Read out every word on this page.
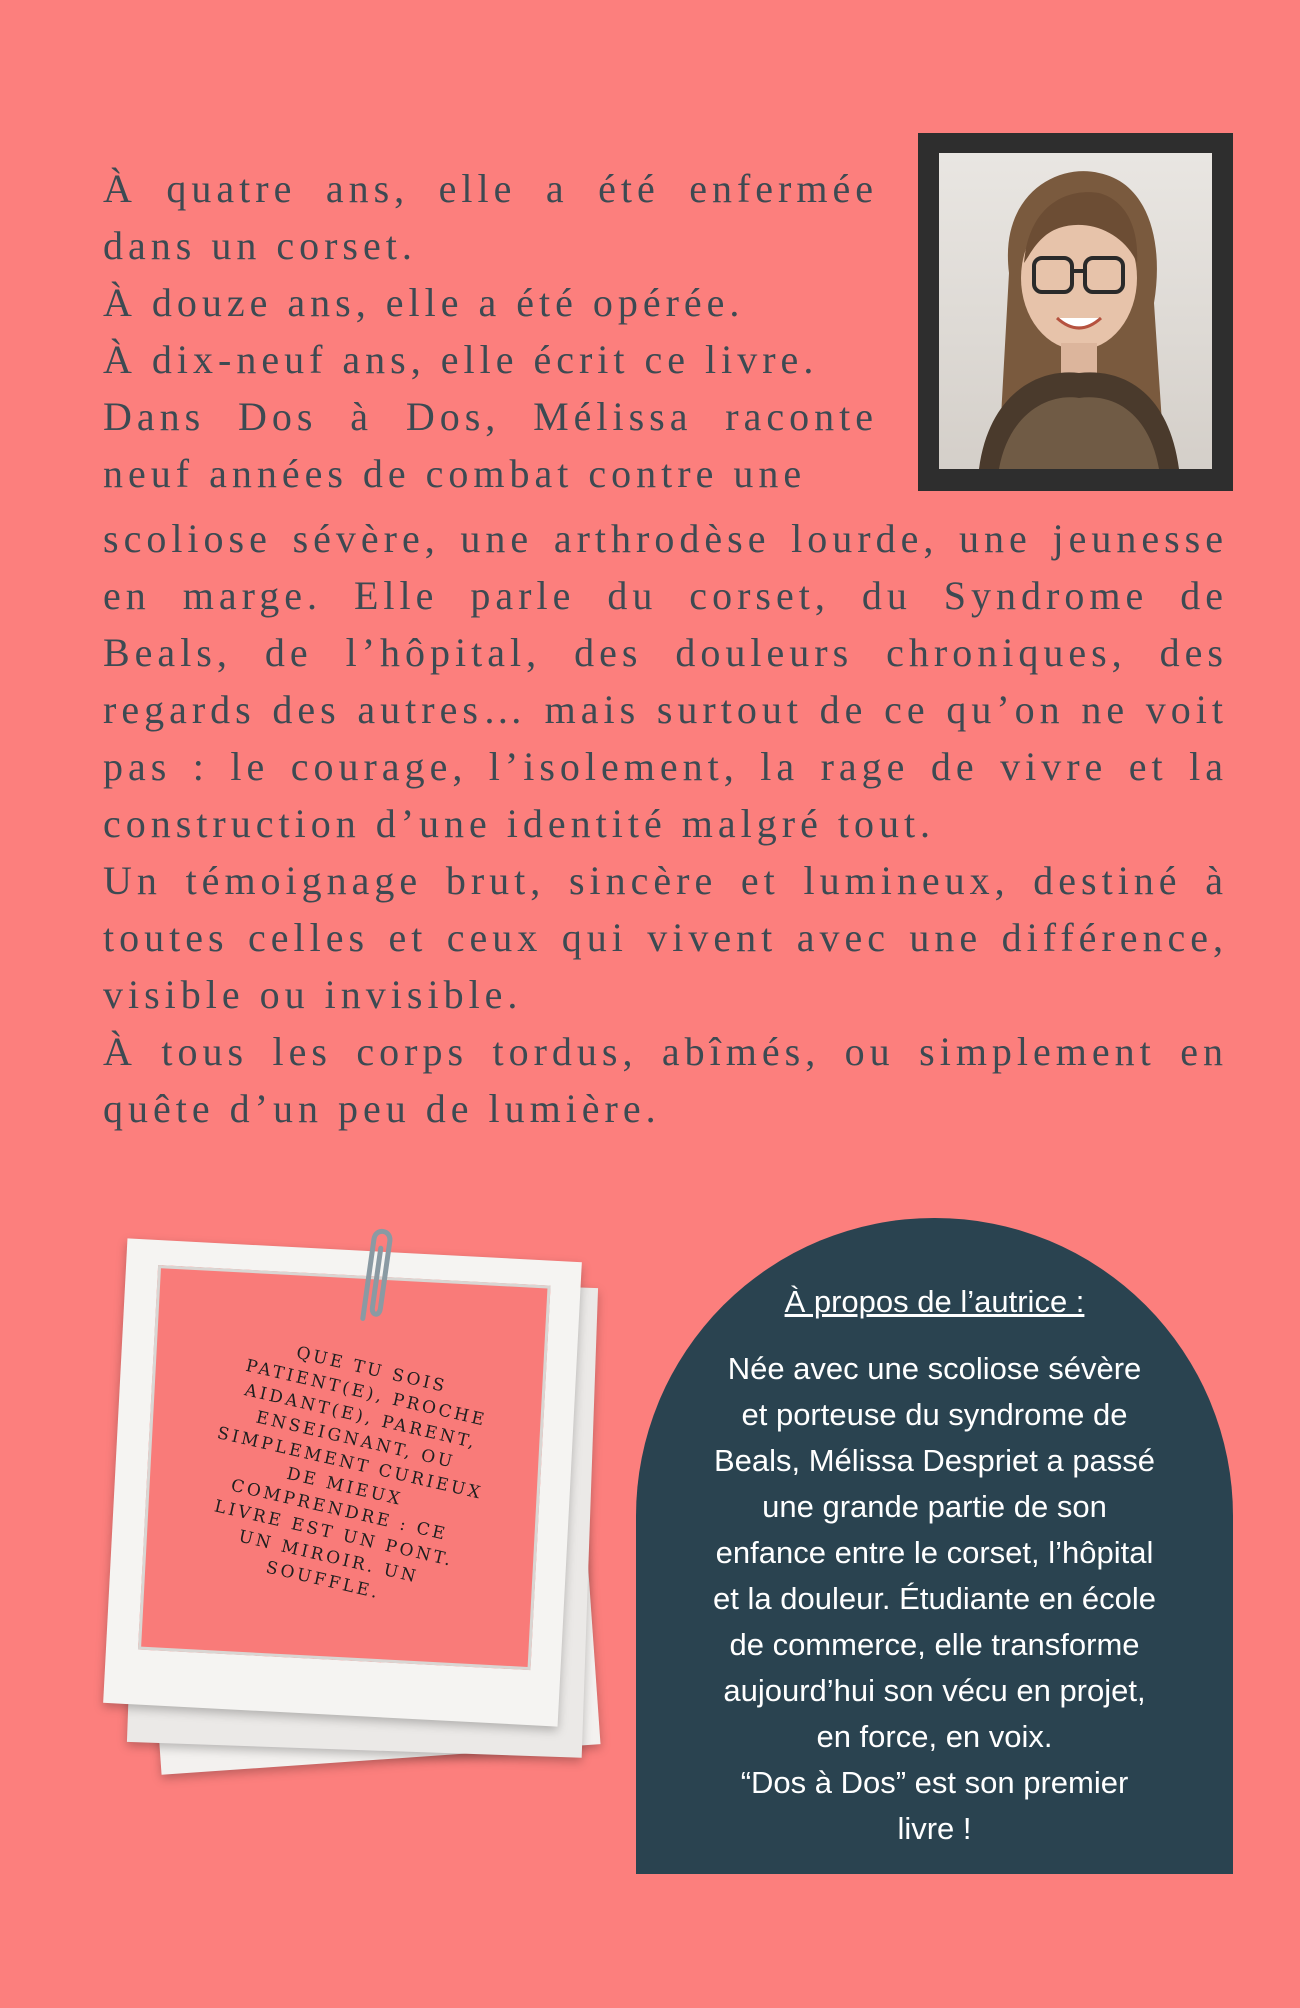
À quatre ans, elle a été enfermée dans un corset.

À douze ans, elle a été opérée.

À dix-neuf ans, elle écrit ce livre.

Dans Dos à Dos, Mélissa raconte neuf années de combat contre une

scoliose sévère, une arthrodèse lourde, une jeunesse en marge. Elle parle du corset, du Syndrome de Beals, de l’hôpital, des douleurs chroniques, des regards des autres… mais surtout de ce qu’on ne voit pas : le courage, l’isolement, la rage de vivre et la construction d’une identité malgré tout.

Un témoignage brut, sincère et lumineux, destiné à toutes celles et ceux qui vivent avec une différence, visible ou invisible.

À tous les corps tordus, abîmés, ou simplement en quête d’un peu de lumière.

QUE TU SOIS
PATIENT(E), PROCHE
AIDANT(E), PARENT,
ENSEIGNANT, OU
SIMPLEMENT CURIEUX
DE MIEUX
COMPRENDRE : CE
LIVRE EST UN PONT.
UN MIROIR. UN
SOUFFLE.
À propos de l’autrice :
Née avec une scoliose sévère
et porteuse du syndrome de
Beals, Mélissa Despriet a passé
une grande partie de son
enfance entre le corset, l’hôpital
et la douleur. Étudiante en école
de commerce, elle transforme
aujourd’hui son vécu en projet,
en force, en voix.
“Dos à Dos” est son premier
livre !
